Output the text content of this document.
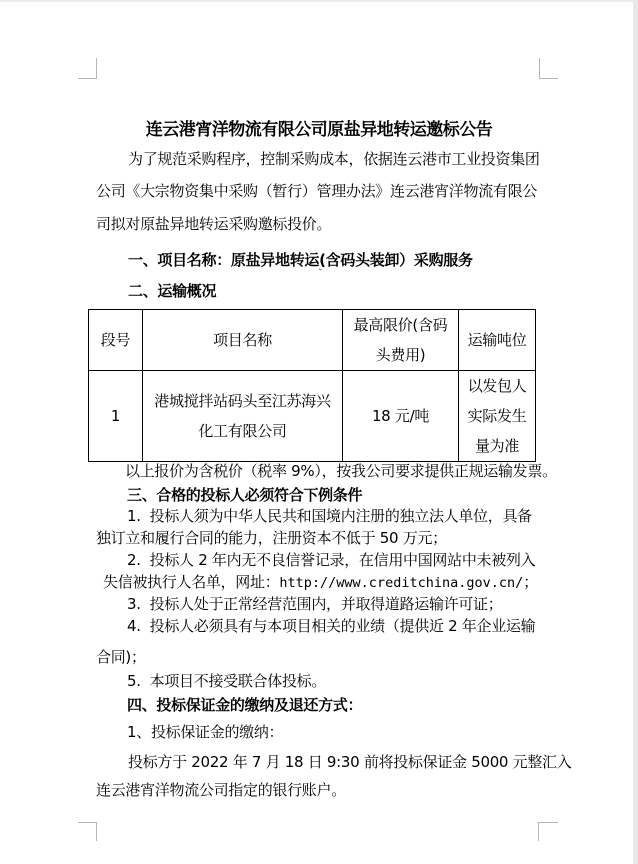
连云港宵洋物流有限公司原盐异地转运邀标公告
为了规范采购程序，控制采购成本，依据连云港市工业投资集团
公司《大宗物资集中采购（暂行）管理办法》连云港宵洋物流有限公
司拟对原盐异地转运采购邀标投价。
一、项目名称：原盐异地转运(含码头装卸）采购服务
二、运输概况
段号	项目名称	最高限价(含码头费用)	运输吨位
1	港城搅拌站码头至江苏海兴化工有限公司	18 元/吨	以发包人实际发生量为准
以上报价为含税价（税率 9%），按我公司要求提供正规运输发票。
三、合格的投标人必须符合下例条件
1.  投标人须为中华人民共和国境内注册的独立法人单位，具备
独订立和履行合同的能力，注册资本不低于 50 万元；
2.  投标人 2 年内无不良信誉记录，在信用中国网站中未被列入
失信被执行人名单，网址：http://www.creditchina.gov.cn/；
3.  投标人处于正常经营范围内，并取得道路运输许可证；
4.  投标人必须具有与本项目相关的业绩（提供近 2 年企业运输
合同)；
5.  本项目不接受联合体投标。
四、投标保证金的缴纳及退还方式：
1、投标保证金的缴纳：
投标方于 2022 年 7 月 18 日 9:30 前将投标保证金 5000 元整汇入
连云港宵洋物流公司指定的银行账户。
